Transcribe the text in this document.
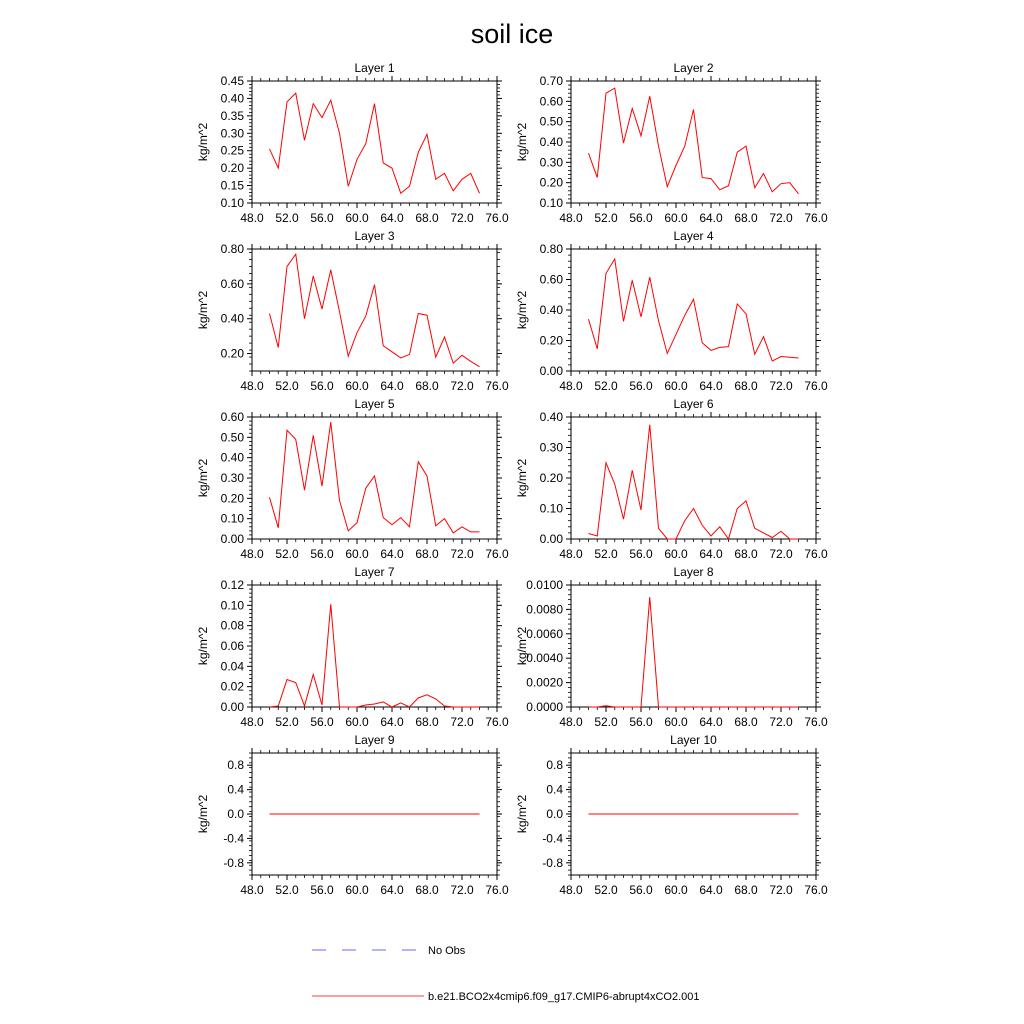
soil ice
Layer 1
kg/m^2
48.0 52.0 56.0 60.0 64.0 68.0 72.0 76.0
0.10
0.15
0.20
0.25
0.30
0.35
0.40
0.45
Layer 2
kg/m^2
48.0 52.0 56.0 60.0 64.0 68.0 72.0 76.0
0.10
0.20
0.30
0.40
0.50
0.60
0.70
Layer 3
kg/m^2
48.0 52.0 56.0 60.0 64.0 68.0 72.0 76.0
0.20
0.40
0.60
0.80
Layer 4
kg/m^2
48.0 52.0 56.0 60.0 64.0 68.0 72.0 76.0
0.00
0.20
0.40
0.60
0.80
Layer 5
kg/m^2
48.0 52.0 56.0 60.0 64.0 68.0 72.0 76.0
0.00
0.10
0.20
0.30
0.40
0.50
0.60
Layer 6
kg/m^2
48.0 52.0 56.0 60.0 64.0 68.0 72.0 76.0
0.00
0.10
0.20
0.30
0.40
Layer 7
kg/m^2
48.0 52.0 56.0 60.0 64.0 68.0 72.0 76.0
0.00
0.02
0.04
0.06
0.08
0.10
0.12
Layer 8
kg/m^2
48.0 52.0 56.0 60.0 64.0 68.0 72.0 76.0
0.0000
0.0020
0.0040
0.0060
0.0080
0.0100
Layer 9
kg/m^2
48.0 52.0 56.0 60.0 64.0 68.0 72.0 76.0
-0.8
-0.4
0.0
0.4
0.8
Layer 10
kg/m^2
48.0 52.0 56.0 60.0 64.0 68.0 72.0 76.0
-0.8
-0.4
0.0
0.4
0.8
No Obs
b.e21.BCO2x4cmip6.f09_g17.CMIP6-abrupt4xCO2.001
